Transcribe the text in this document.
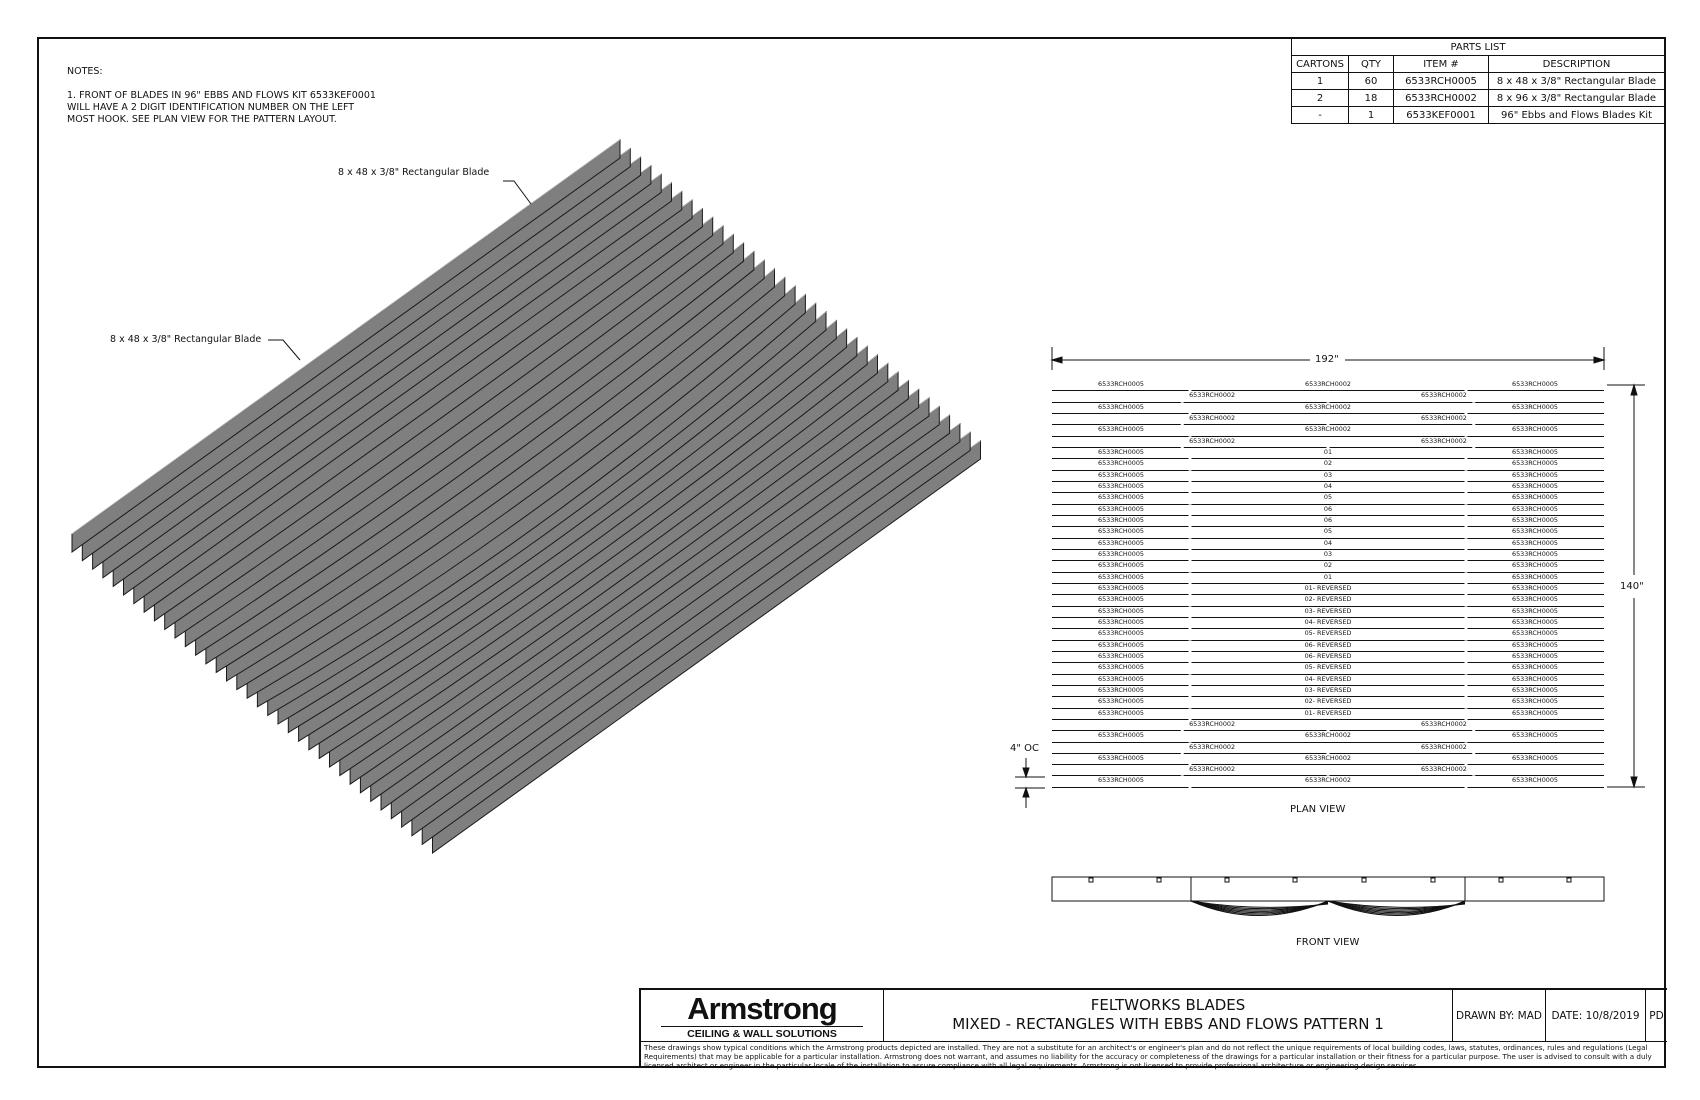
NOTES:
1. FRONT OF BLADES IN 96" EBBS AND FLOWS KIT 6533KEF0001
WILL HAVE A 2 DIGIT IDENTIFICATION NUMBER ON THE LEFT
MOST HOOK. SEE PLAN VIEW FOR THE PATTERN LAYOUT.
8 x 48 x 3/8" Rectangular Blade
8 x 48 x 3/8" Rectangular Blade
PARTS LIST			
CARTONS	QTY	ITEM #	DESCRIPTION
1	60	6533RCH0005	8 x 48 x 3/8" Rectangular Blade
2	18	6533RCH0002	8 x 96 x 3/8" Rectangular Blade
-	1	6533KEF0001	96" Ebbs and Flows Blades Kit
192"
140"
4" OC
6533RCH0005	6533RCH0002	6533RCH0005
6533RCH0002	6533RCH0002
6533RCH0005	6533RCH0002	6533RCH0005
6533RCH0002	6533RCH0002
6533RCH0005	6533RCH0002	6533RCH0005
6533RCH0002	6533RCH0002
6533RCH0005	01	6533RCH0005
6533RCH0005	02	6533RCH0005
6533RCH0005	03	6533RCH0005
6533RCH0005	04	6533RCH0005
6533RCH0005	05	6533RCH0005
6533RCH0005	06	6533RCH0005
6533RCH0005	06	6533RCH0005
6533RCH0005	05	6533RCH0005
6533RCH0005	04	6533RCH0005
6533RCH0005	03	6533RCH0005
6533RCH0005	02	6533RCH0005
6533RCH0005	01	6533RCH0005
6533RCH0005	01- REVERSED	6533RCH0005
6533RCH0005	02- REVERSED	6533RCH0005
6533RCH0005	03- REVERSED	6533RCH0005
6533RCH0005	04- REVERSED	6533RCH0005
6533RCH0005	05- REVERSED	6533RCH0005
6533RCH0005	06- REVERSED	6533RCH0005
6533RCH0005	06- REVERSED	6533RCH0005
6533RCH0005	05- REVERSED	6533RCH0005
6533RCH0005	04- REVERSED	6533RCH0005
6533RCH0005	03- REVERSED	6533RCH0005
6533RCH0005	02- REVERSED	6533RCH0005
6533RCH0005	01- REVERSED	6533RCH0005
6533RCH0002	6533RCH0002
6533RCH0005	6533RCH0002	6533RCH0005
6533RCH0002	6533RCH0002
6533RCH0005	6533RCH0002	6533RCH0005
6533RCH0002	6533RCH0002
6533RCH0005	6533RCH0002	6533RCH0005
PLAN VIEW
FRONT VIEW
Armstrong
CEILING & WALL SOLUTIONS
FELTWORKS BLADES
MIXED - RECTANGLES WITH EBBS AND FLOWS PATTERN 1	DRAWN BY: MAD DATE: 10/8/2019 PD
These drawings show typical conditions which the Armstrong products depicted are installed. They are not a substitute for an architect's or engineer's plan and do not reflect the unique requirements of local building codes, laws, statutes, ordinances, rules and regulations (Legal Requirements) that may be applicable for a particular installation. Armstrong does not warrant, and assumes no liability for the accuracy or completeness of the drawings for a particular installation or their fitness for a particular purpose. The user is advised to consult with a duly licensed architect or engineer in the particular locale of the installation to assure compliance with all legal requirements. Armstrong is not licensed to provide professional architecture or engineering design services.
